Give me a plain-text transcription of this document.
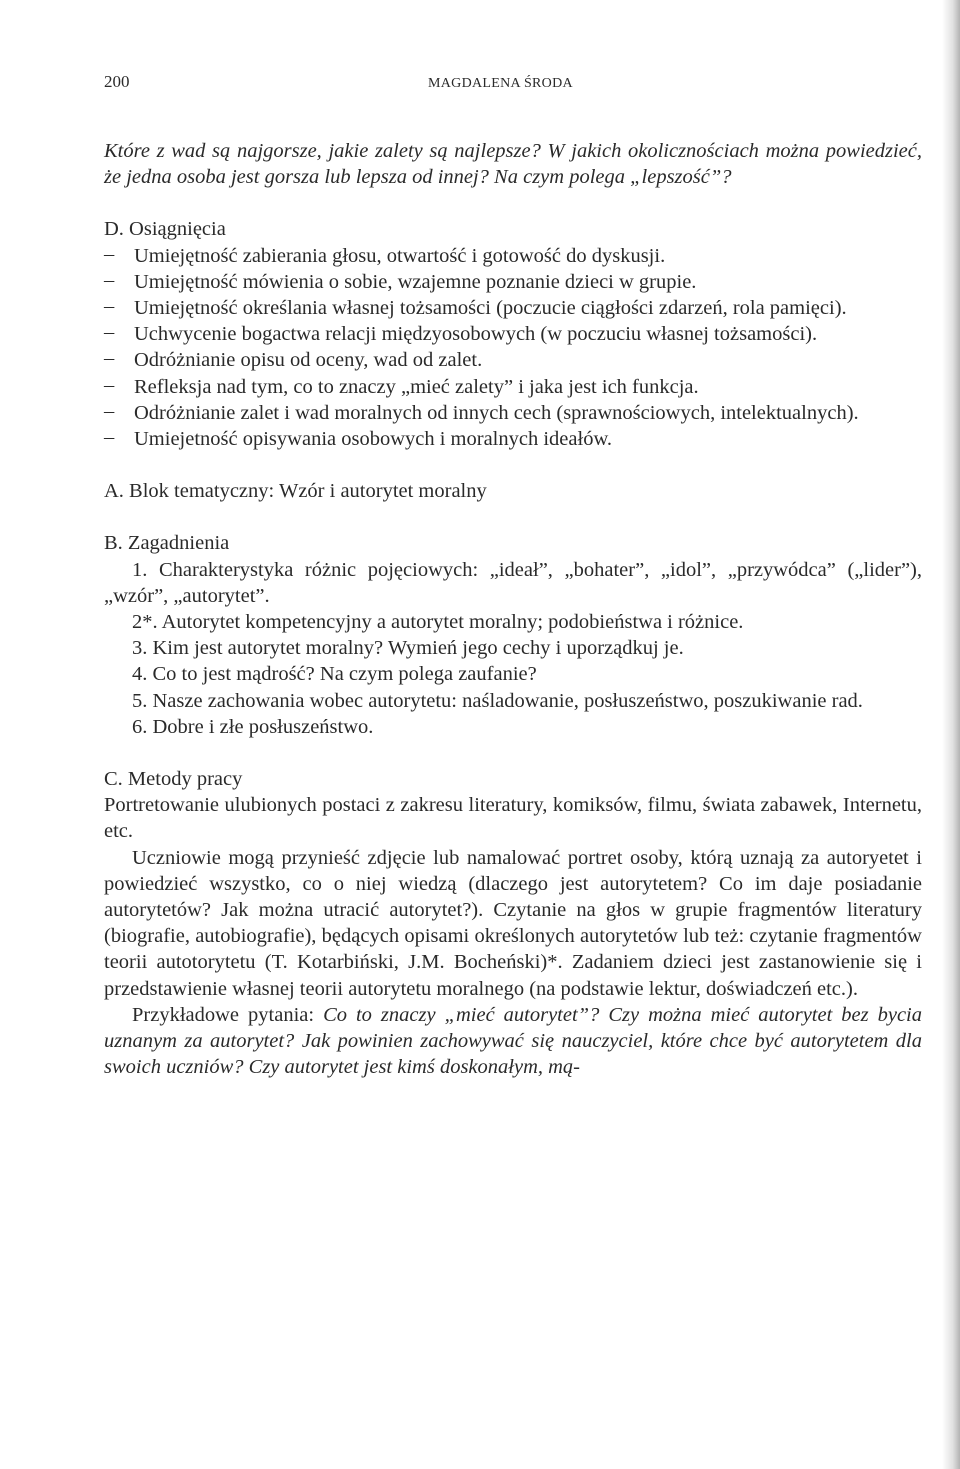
200	MAGDALENA ŚRODA

Które z wad są najgorsze, jakie zalety są najlepsze? W jakich okolicznościach można powiedzieć, że jedna osoba jest gorsza lub lepsza od innej? Na czym polega „lepszość”?

D. Osiągnięcia
– Umiejętność zabierania głosu, otwartość i gotowość do dyskusji.
– Umiejętność mówienia o sobie, wzajemne poznanie dzieci w grupie.
– Umiejętność określania własnej tożsamości (poczucie ciągłości zdarzeń, rola pamięci).
– Uchwycenie bogactwa relacji międzyosobowych (w poczuciu własnej tożsamości).
– Odróżnianie opisu od oceny, wad od zalet.
– Refleksja nad tym, co to znaczy „mieć zalety” i jaka jest ich funkcja.
– Odróżnianie zalet i wad moralnych od innych cech (sprawnościowych, intelektualnych).
– Umiejetność opisywania osobowych i moralnych ideałów.
A. Blok tematyczny: Wzór i autorytet moralny
B. Zagadnienia
1. Charakterystyka różnic pojęciowych: „ideał”, „bohater”, „idol”, „przywódca” („lider”), „wzór”, „autorytet”.
2*. Autorytet kompetencyjny a autorytet moralny; podobieństwa i różnice.
3. Kim jest autorytet moralny? Wymień jego cechy i uporządkuj je.
4. Co to jest mądrość? Na czym polega zaufanie?
5. Nasze zachowania wobec autorytetu: naśladowanie, posłuszeństwo, poszukiwanie rad.
6. Dobre i złe posłuszeństwo.
C. Metody pracy

Portretowanie ulubionych postaci z zakresu literatury, komiksów, filmu, świata zabawek, Internetu, etc.

Uczniowie mogą przynieść zdjęcie lub namalować portret osoby, którą uznają za autoryetet i powiedzieć wszystko, co o niej wiedzą (dlaczego jest autorytetem? Co im daje posiadanie autorytetów? Jak można utracić autorytet?). Czytanie na głos w grupie fragmentów literatury (biografie, autobiografie), będących opisami określonych autorytetów lub też: czytanie fragmentów teorii autotorytetu (T. Kotarbiński, J.M. Bocheński)*. Zadaniem dzieci jest zastanowienie się i przedstawienie własnej teorii autorytetu moralnego (na podstawie lektur, doświadczeń etc.).

Przykładowe pytania: Co to znaczy „mieć autorytet”? Czy można mieć autorytet bez bycia uznanym za autorytet? Jak powinien zachowywać się nauczyciel, które chce być autorytetem dla swoich uczniów? Czy autorytet jest kimś doskonałym, mą-
